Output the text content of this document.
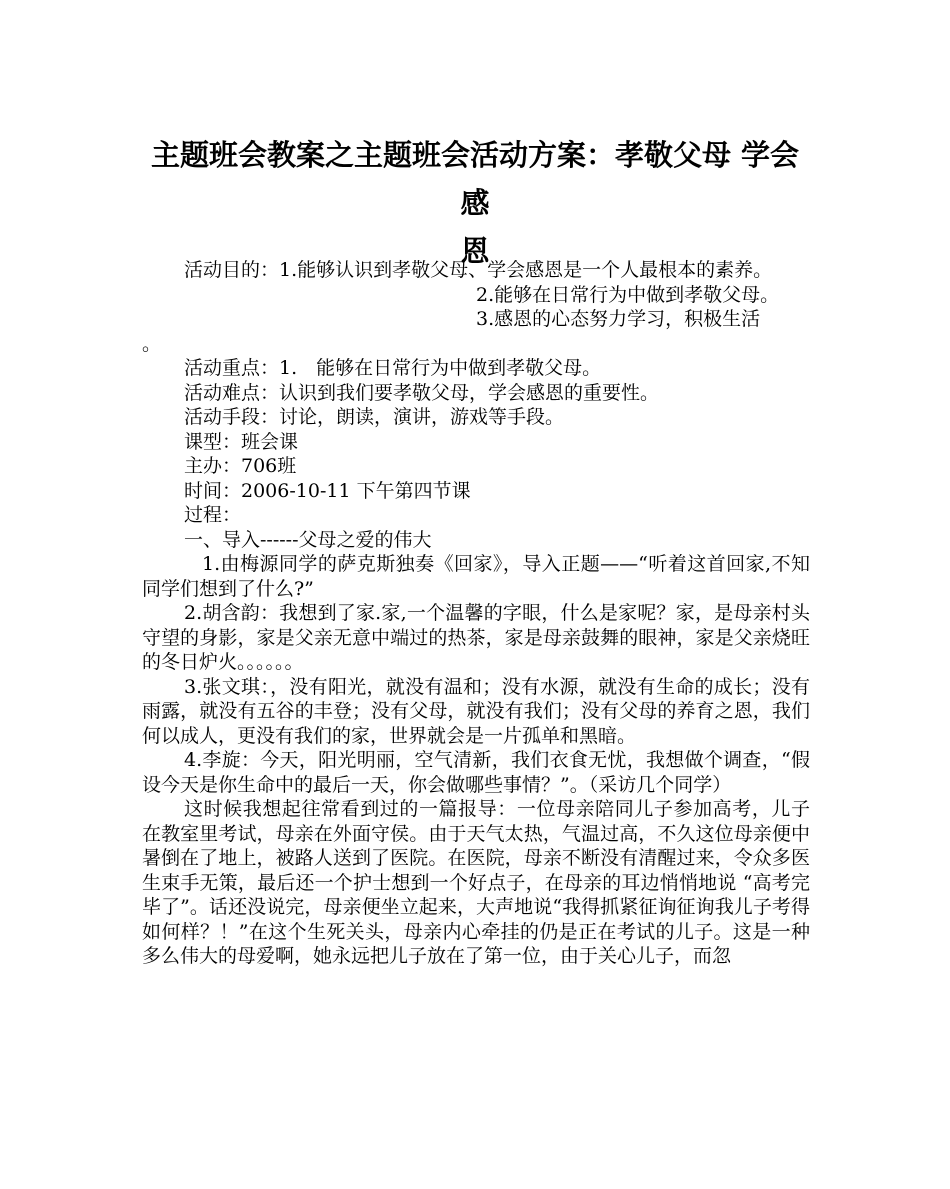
主题班会教案之主题班会活动方案：孝敬父母 学会感
恩

活动目的：1.能够认识到孝敬父母、学会感恩是一个人最根本的素养。

2.能够在日常行为中做到孝敬父母。

3.感恩的心态努力学习，积极生活

。

活动重点：1.　能够在日常行为中做到孝敬父母。

活动难点：认识到我们要孝敬父母，学会感恩的重要性。

活动手段：讨论，朗读，演讲，游戏等手段。

课型：班会课

主办：706班

时间：2006-10-11 下午第四节课

过程：

一、导入------父母之爱的伟大

1.由梅源同学的萨克斯独奏《回家》，导入正题——“听着这首回家,不知同学们想到了什么?”

2.胡含韵：我想到了家.家,一个温馨的字眼，什么是家呢？家，是母亲村头守望的身影，家是父亲无意中端过的热茶，家是母亲鼓舞的眼神，家是父亲烧旺的冬日炉火。。。。。。

3.张文琪：，没有阳光，就没有温和；没有水源，就没有生命的成长；没有雨露，就没有五谷的丰登；没有父母，就没有我们；没有父母的养育之恩，我们何以成人，更没有我们的家，世界就会是一片孤单和黑暗。

4.李旋：今天，阳光明丽，空气清新，我们衣食无忧，我想做个调查，“假设今天是你生命中的最后一天，你会做哪些事情？”。（采访几个同学）

这时候我想起往常看到过的一篇报导：一位母亲陪同儿子参加高考，儿子在教室里考试，母亲在外面守侯。由于天气太热，气温过高，不久这位母亲便中暑倒在了地上，被路人送到了医院。在医院，母亲不断没有清醒过来，令众多医生束手无策，最后还一个护士想到一个好点子，在母亲的耳边悄悄地说 “高考完毕了”。话还没说完，母亲便坐立起来，大声地说“我得抓紧征询征询我儿子考得如何样？！”在这个生死关头，母亲内心牵挂的仍是正在考试的儿子。这是一种多么伟大的母爱啊，她永远把儿子放在了第一位，由于关心儿子，而忽
